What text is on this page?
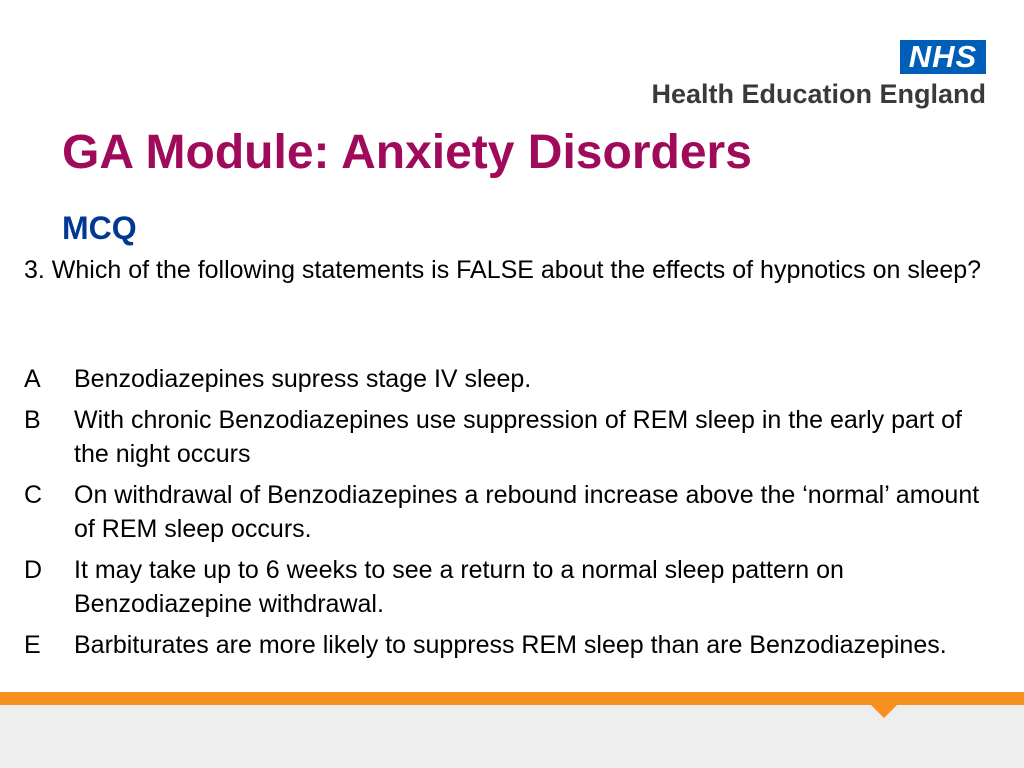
NHS
Health Education England
GA Module: Anxiety Disorders
MCQ

3. Which of the following statements is FALSE about the effects of hypnotics on sleep?

A	Benzodiazepines supress stage IV sleep.
B	With chronic Benzodiazepines use suppression of REM sleep in the early part of the night occurs
C	On withdrawal of Benzodiazepines a rebound increase above the ‘normal’ amount of REM sleep occurs.
D	It may take up to 6 weeks to see a return to a normal sleep pattern on Benzodiazepine withdrawal.
E	Barbiturates are more likely to suppress REM sleep than are Benzodiazepines.
